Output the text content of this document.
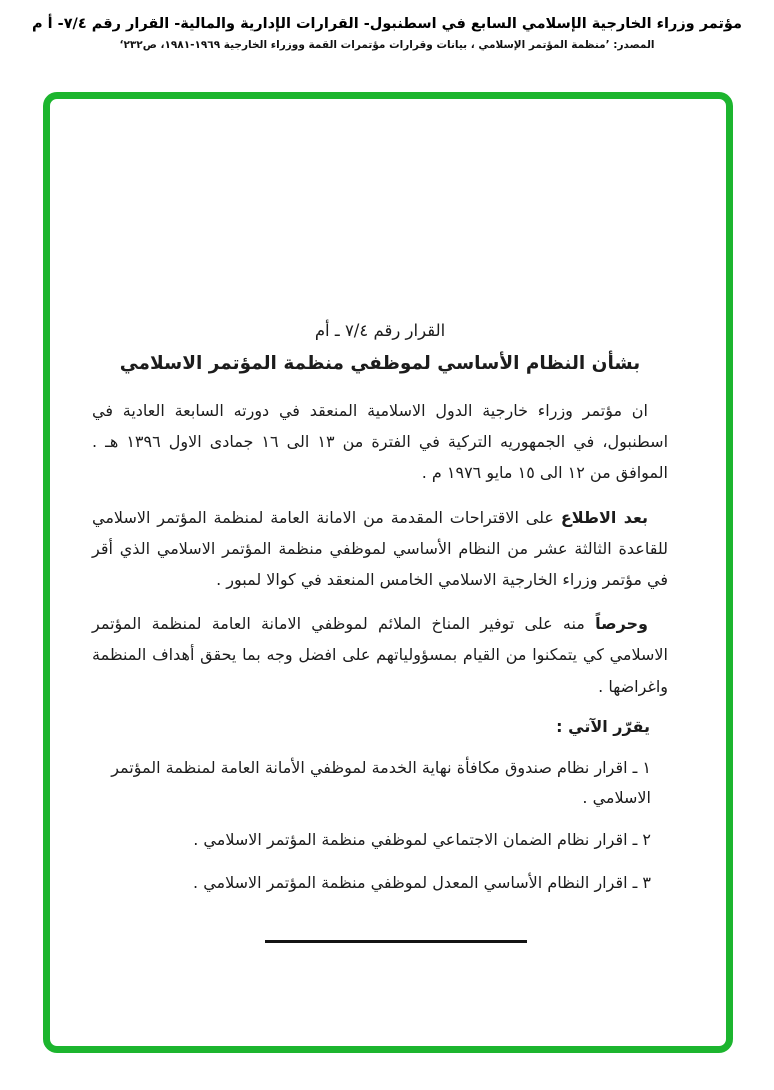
مؤتمر وزراء الخارجية الإسلامي السابع في اسطنبول- القرارات الإدارية والمالية- القرار رقم ٧/٤- أ م
المصدر: ’منظمة المؤتمر الإسلامي ، بيانات وقرارات مؤتمرات القمة ووزراء الخارجية ١٩٦٩-١٩٨١، ص٢٣٢‘

القرار رقم ٧/٤ ـ أم

بشأن النظام الأساسي لموظفي منظمة المؤتمر الاسلامي

ان مؤتمر وزراء خارجية الدول الاسلامية المنعقد في دورته السابعة العادية في اسطنبول، في الجمهوريه التركية في الفترة من ١٣ الى ١٦ جمادى الاول ١٣٩٦ هـ . الموافق من ١٢ الى ١٥ مايو ١٩٧٦ م .

بعد الاطلاع على الاقتراحات المقدمة من الامانة العامة لمنظمة المؤتمر الاسلامي للقاعدة الثالثة عشر من النظام الأساسي لموظفي منظمة المؤتمر الاسلامي الذي أقر في مؤتمر وزراء الخارجية الاسلامي الخامس المنعقد في كوالا لمبور .

وحرصاً منه على توفير المناخ الملائم لموظفي الامانة العامة لمنظمة المؤتمر الاسلامي كي يتمكنوا من القيام بمسؤولياتهم على افضل وجه بما يحقق أهداف المنظمة واغراضها .

يقرّر الآتي :

١ ـ اقرار نظام صندوق مكافأة نهاية الخدمة لموظفي الأمانة العامة لمنظمة المؤتمر الاسلامي .

٢ ـ اقرار نظام الضمان الاجتماعي لموظفي منظمة المؤتمر الاسلامي .

٣ ـ اقرار النظام الأساسي المعدل لموظفي منظمة المؤتمر الاسلامي .
